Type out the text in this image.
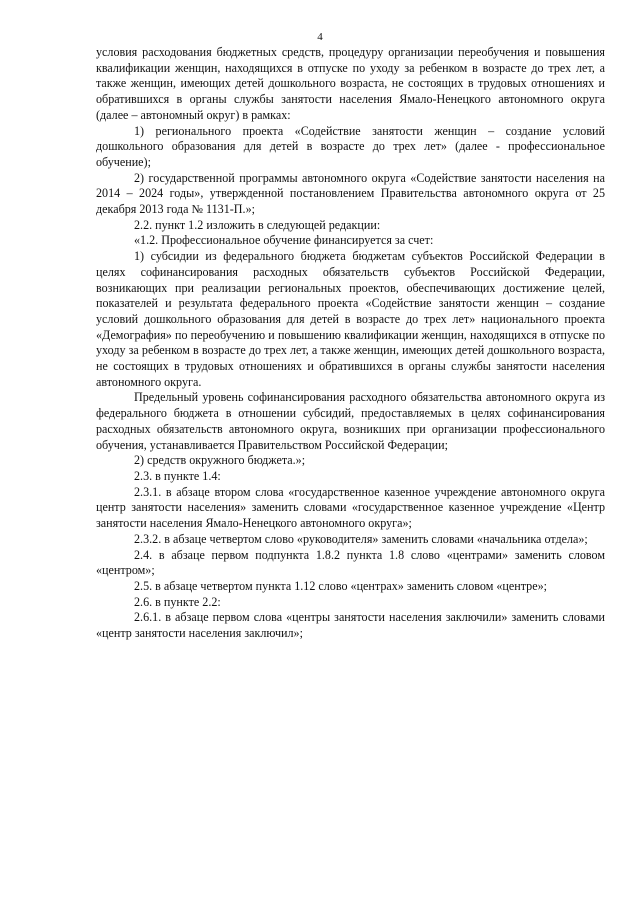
4

условия расходования бюджетных средств, процедуру организации переобучения и повышения квалификации женщин, находящихся в отпуске по уходу за ребенком в возрасте до трех лет, а также женщин, имеющих детей дошкольного возраста, не состоящих в трудовых отношениях и обратившихся в органы службы занятости населения Ямало-Ненецкого автономного округа (далее – автономный округ) в рамках:

1) регионального проекта «Содействие занятости женщин – создание условий дошкольного образования для детей в возрасте до трех лет» (далее - профессиональное обучение);

2) государственной программы автономного округа «Содействие занятости населения на 2014 – 2024 годы», утвержденной постановлением Правительства автономного округа от 25 декабря 2013 года № 1131-П.»;

2.2. пункт 1.2 изложить в следующей редакции:

«1.2. Профессиональное обучение финансируется за счет:

1) субсидии из федерального бюджета бюджетам субъектов Российской Федерации в целях софинансирования расходных обязательств субъектов Российской Федерации, возникающих при реализации региональных проектов, обеспечивающих достижение целей, показателей и результата федерального проекта «Содействие занятости женщин – создание условий дошкольного образования для детей в возрасте до трех лет» национального проекта «Демография» по переобучению и повышению квалификации женщин, находящихся в отпуске по уходу за ребенком в возрасте до трех лет, а также женщин, имеющих детей дошкольного возраста, не состоящих в трудовых отношениях и обратившихся в органы службы занятости населения автономного округа.

Предельный уровень софинансирования расходного обязательства автономного округа из федерального бюджета в отношении субсидий, предоставляемых в целях софинансирования расходных обязательств автономного округа, возникших при организации профессионального обучения, устанавливается Правительством Российской Федерации;

2) средств окружного бюджета.»;

2.3. в пункте 1.4:

2.3.1. в абзаце втором слова «государственное казенное учреждение автономного округа центр занятости населения» заменить словами «государственное казенное учреждение «Центр занятости населения Ямало-Ненецкого автономного округа»;

2.3.2. в абзаце четвертом слово «руководителя» заменить словами «начальника отдела»;

2.4. в абзаце первом подпункта 1.8.2 пункта 1.8 слово «центрами» заменить словом «центром»;

2.5. в абзаце четвертом пункта 1.12 слово «центрах» заменить словом «центре»;

2.6. в пункте 2.2:

2.6.1. в абзаце первом слова «центры занятости населения заключили» заменить словами «центр занятости населения заключил»;
